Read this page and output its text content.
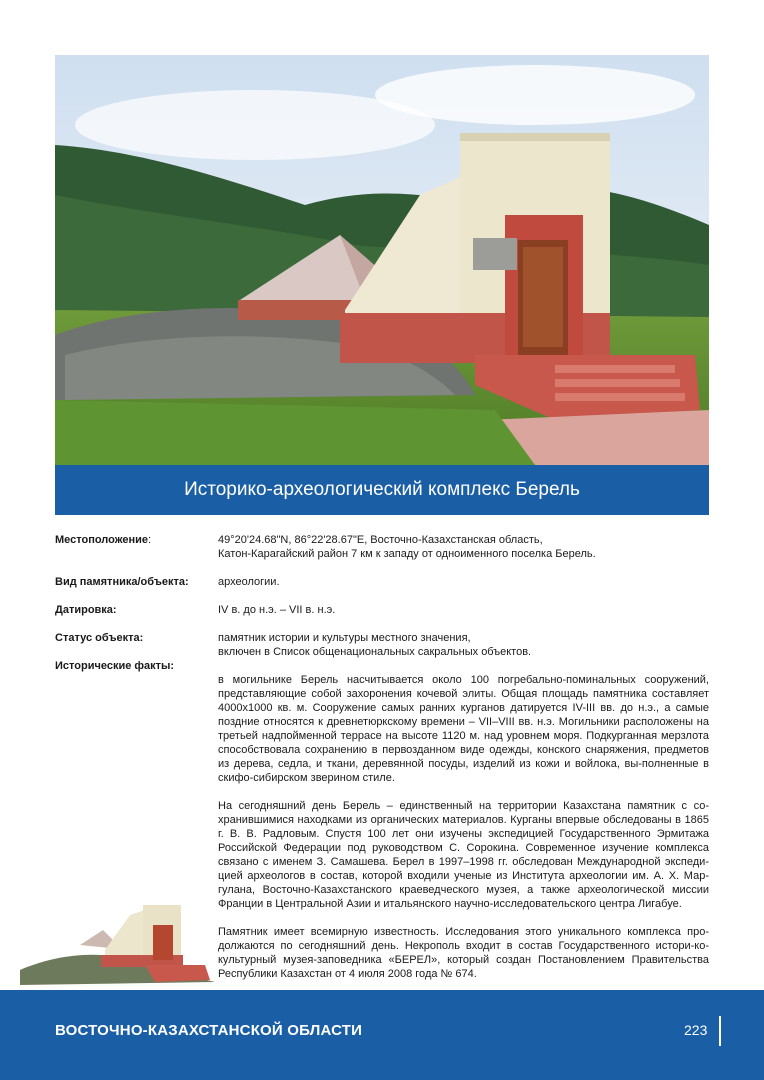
Историко-археологический комплекс Берель
Местоположение:	49°20'24.68"N, 86°22'28.67"E, Восточно-Казахстанская область,
Катон-Карагайский район 7 км к западу от одноименного поселка Берель.
Вид памятника/объекта:	археологии.
Датировка:	IV в. до н.э. – VII в. н.э.
Статус объекта:	памятник истории и культуры местного значения,
включен в Список общенациональных сакральных объектов.
Исторические факты:

в могильнике Берель насчитывается около 100 погребально-поминальных сооружений, представляющие собой захоронения кочевой элиты. Общая площадь памятника составляет 4000х1000 кв. м. Сооружение самых ранних курганов датируется IV-III вв. до н.э., а самые поздние относятся к древнетюркскому времени – VII–VIII вв. н.э. Могильники расположены на третьей надпойменной террасе на высоте 1120 м. над уровнем моря. Подкурганная мерзлота способствовала сохранению в первозданном виде одежды, конского снаряжения, предметов из дерева, седла, и ткани, деревянной посуды, изделий из кожи и войлока, вы-полненные в скифо-сибирском зверином стиле.

На сегодняшний день Берель – единственный на территории Казахстана памятник с со-хранившимися находками из органических материалов. Курганы впервые обследованы в 1865 г. В. В. Радловым. Спустя 100 лет они изучены экспедицией Государственного Эрмитажа Российской Федерации под руководством С. Сорокина. Современное изучение комплекса связано с именем З. Самашева. Берел в 1997–1998 гг. обследован Международной экспеди-цией археологов в состав, которой входили ученые из Института археологии им. А. Х. Мар-гулана, Восточно-Казахстанского краеведческого музея, а также археологической миссии Франции в Центральной Азии и итальянского научно-исследовательского центра Лигабуе.

Памятник имеет всемирную известность. Исследования этого уникального комплекса про-должаются по сегодняшний день. Некрополь входит в состав Государственного истори-ко-культурный музея-заповедника «БЕРЕЛ», который создан Постановлением Правительства Республики Казахстан от 4 июля 2008 года № 674.

ВОСТОЧНО-КАЗАХСТАНСКОЙ ОБЛАСТИ	223
